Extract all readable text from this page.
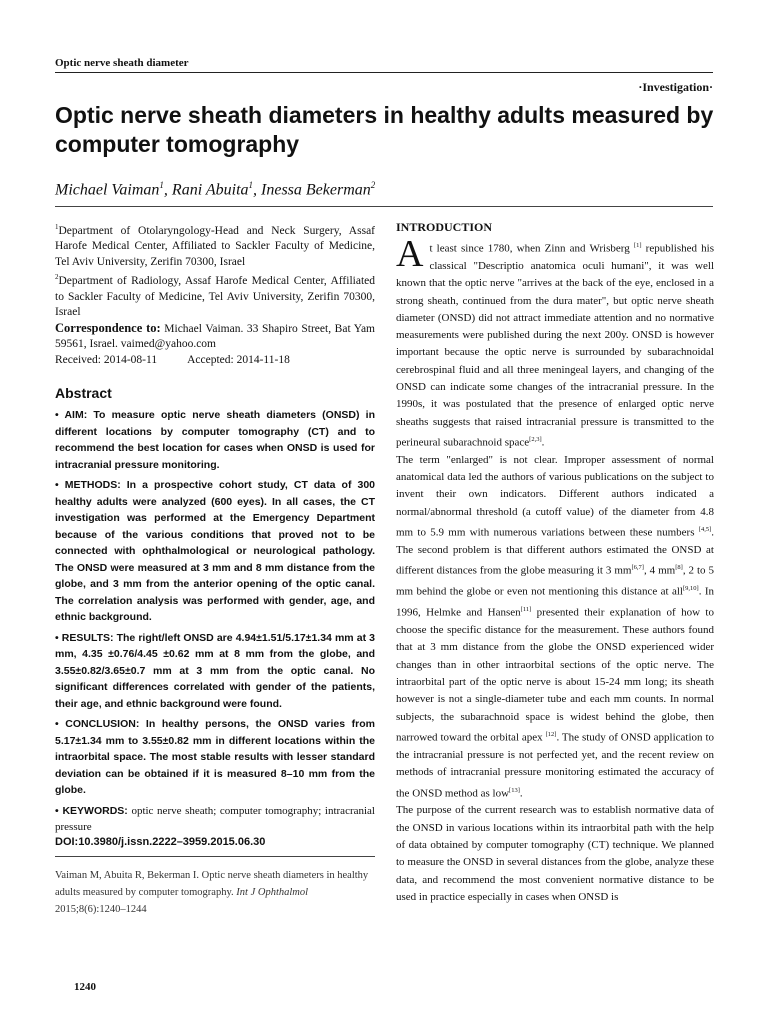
Optic nerve sheath diameter
·Investigation·
Optic nerve sheath diameters in healthy adults measured by computer tomography
Michael Vaiman$^1$, Rani Abuita$^1$, Inessa Bekerman$^2$

$^1$Department of Otolaryngology-Head and Neck Surgery, Assaf Harofe Medical Center, Affiliated to Sackler Faculty of Medicine, Tel Aviv University, Zerifin 70300, Israel

$^2$Department of Radiology, Assaf Harofe Medical Center, Affiliated to Sackler Faculty of Medicine, Tel Aviv University, Zerifin 70300, Israel

Correspondence to: Michael Vaiman. 33 Shapiro Street, Bat Yam 59561, Israel. vaimed@yahoo.com

Received: 2014-08-11	Accepted: 2014-11-18

Abstract

• AIM: To measure optic nerve sheath diameters (ONSD) in different locations by computer tomography (CT) and to recommend the best location for cases when ONSD is used for intracranial pressure monitoring.

• METHODS: In a prospective cohort study, CT data of 300 healthy adults were analyzed (600 eyes). In all cases, the CT investigation was performed at the Emergency Department because of the various conditions that proved not to be connected with ophthalmological or neurological pathology. The ONSD were measured at 3 mm and 8 mm distance from the globe, and 3 mm from the anterior opening of the optic canal. The correlation analysis was performed with gender, age, and ethnic background.

• RESULTS: The right/left ONSD are 4.94±1.51/5.17±1.34 mm at 3 mm, 4.35 ±0.76/4.45 ±0.62 mm at 8 mm from the globe, and 3.55±0.82/3.65±0.7 mm at 3 mm from the optic canal. No significant differences correlated with gender of the patients, their age, and ethnic background were found.

• CONCLUSION: In healthy persons, the ONSD varies from 5.17±1.34 mm to 3.55±0.82 mm in different locations within the intraorbital space. The most stable results with lesser standard deviation can be obtained if it is measured 8–10 mm from the globe.

• KEYWORDS: optic nerve sheath; computer tomography; intracranial pressure

DOI:10.3980/j.issn.2222–3959.2015.06.30

Vaiman M, Abuita R, Bekerman I. Optic nerve sheath diameters in healthy adults measured by computer tomography. Int J Ophthalmol 2015;8(6):1240–1244

1240
INTRODUCTION

At least since 1780, when Zinn and Wrisberg [1] republished his classical "Descriptio anatomica oculi humani", it was well known that the optic nerve "arrives at the back of the eye, enclosed in a strong sheath, continued from the dura mater", but optic nerve sheath diameter (ONSD) did not attract immediate attention and no normative measurements were published during the next 200y. ONSD is however important because the optic nerve is surrounded by subarachnoidal cerebrospinal fluid and all three meningeal layers, and changing of the ONSD can indicate some changes of the intracranial pressure. In the 1990s, it was postulated that the presence of enlarged optic nerve sheaths suggests that raised intracranial pressure is transmitted to the perineural subarachnoid space[2,3].

The term "enlarged" is not clear. Improper assessment of normal anatomical data led the authors of various publications on the subject to invent their own indicators. Different authors indicated a normal/abnormal threshold (a cutoff value) of the diameter from 4.8 mm to 5.9 mm with numerous variations between these numbers [4,5]. The second problem is that different authors estimated the ONSD at different distances from the globe measuring it 3 mm[6,7], 4 mm[8], 2 to 5 mm behind the globe or even not mentioning this distance at all[9,10]. In 1996, Helmke and Hansen[11] presented their explanation of how to choose the specific distance for the measurement. These authors found that at 3 mm distance from the globe the ONSD experienced wider changes than in other intraorbital sections of the optic nerve. The intraorbital part of the optic nerve is about 15-24 mm long; its sheath however is not a single-diameter tube and each mm counts. In normal subjects, the subarachnoid space is widest behind the globe, then narrowed toward the orbital apex [12]. The study of ONSD application to the intracranial pressure is not perfected yet, and the recent review on methods of intracranial pressure monitoring estimated the accuracy of the ONSD method as low[13].

The purpose of the current research was to establish normative data of the ONSD in various locations within its intraorbital path with the help of data obtained by computer tomography (CT) technique. We planned to measure the ONSD in several distances from the globe, analyze these data, and recommend the most convenient normative distance to be used in practice especially in cases when ONSD is
